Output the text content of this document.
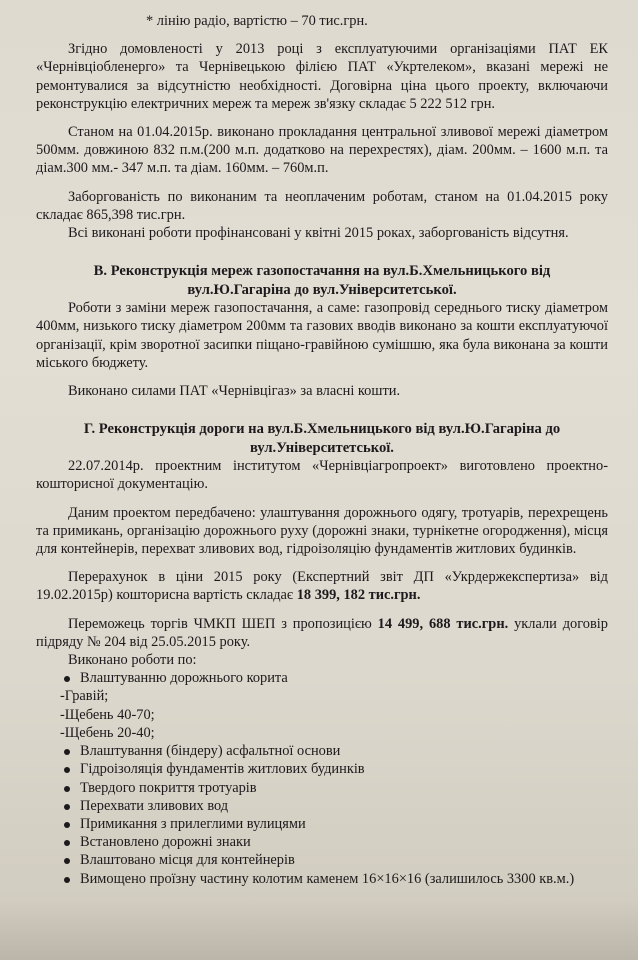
* лінію радіо, вартістю – 70 тис.грн.

Згідно домовленості у 2013 році з експлуатуючими організаціями ПАТ ЕК «Чернівціобленерго» та Чернівецькою філією ПАТ «Укртелеком», вказані мережі не ремонтувалися за відсутністю необхідності. Договірна ціна цього проекту, включаючи реконструкцію електричних мереж та мереж зв'язку складає 5 222 512 грн.

Станом на 01.04.2015р. виконано прокладання центральної зливової мережі діаметром 500мм. довжиною 832 п.м.(200 м.п. додатково на перехрестях), діам. 200мм. – 1600 м.п. та діам.300 мм.- 347 м.п. та діам. 160мм. – 760м.п.

Заборгованість по виконаним та неоплаченим роботам, станом на 01.04.2015 року складає 865,398 тис.грн.

Всі виконані роботи профінансовані у квітні 2015 роках, заборгованість відсутня.

В. Реконструкція мереж газопостачання на вул.Б.Хмельницького від вул.Ю.Гагаріна до вул.Університетської.

Роботи з заміни мереж газопостачання, а саме: газопровід середнього тиску діаметром 400мм, низького тиску діаметром 200мм та газових вводів виконано за кошти експлуатуючої організації, крім зворотної засипки піщано-гравійною сумішшю, яка була виконана за кошти міського бюджету.

Виконано силами ПАТ «Чернівцігаз» за власні кошти.

Г. Реконструкція дороги на вул.Б.Хмельницького від вул.Ю.Гагаріна до вул.Університетської.

22.07.2014р. проектним інститутом «Чернівціагропроект» виготовлено проектно-кошторисної документацію.

Даним проектом передбачено: улаштування дорожнього одягу, тротуарів, перехрещень та примикань, організацію дорожнього руху (дорожні знаки, турнікетне огородження), місця для контейнерів, перехват зливових вод, гідроізоляцію фундаментів житлових будинків.

Перерахунок в ціни 2015 року (Експертний звіт ДП «Укрдержекспертиза» від 19.02.2015р) кошторисна вартість складає 18 399, 182 тис.грн.

Переможець торгів ЧМКП ШЕП з пропозицією 14 499, 688 тис.грн. уклали договір підряду № 204 від 25.05.2015 року.

Виконано роботи по:

Влаштуванню дорожнього корита
-Гравій;
-Щебень 40-70;
-Щебень 20-40;
Влаштування (біндеру) асфальтної основи
Гідроізоляція фундаментів житлових будинків
Твердого покриття тротуарів
Перехвати зливових вод
Примикання з прилеглими вулицями
Встановлено дорожні знаки
Влаштовано місця для контейнерів
Вимощено проїзну частину колотим каменем 16×16×16 (залишилось 3300 кв.м.)
